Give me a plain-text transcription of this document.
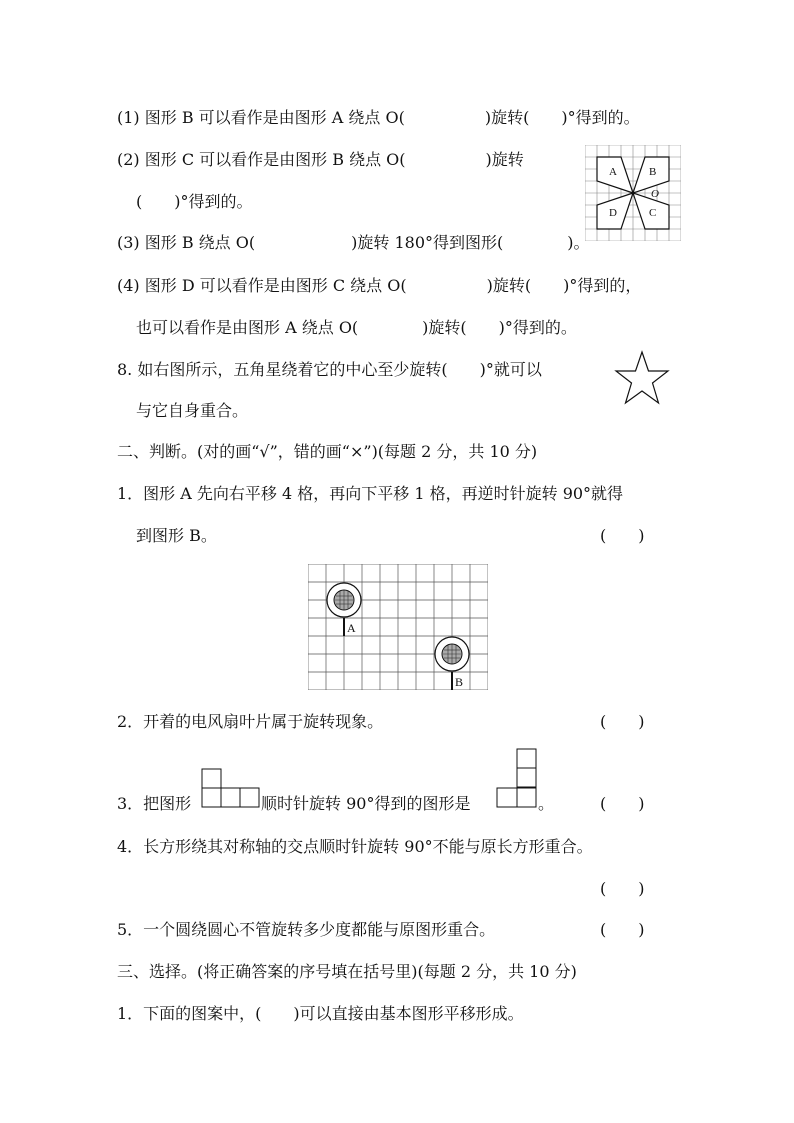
(1) 图形 B 可以看作是由图形 A 绕点 O(　　　　　)旋转(　　)°得到的。
(2) 图形 C 可以看作是由图形 B 绕点 O(　　　　　)旋转
(　　)°得到的。
(3) 图形 B 绕点 O(　　　　　　)旋转 180°得到图形(　　　　)。
(4) 图形 D 可以看作是由图形 C 绕点 O(　　　　　)旋转(　　)°得到的，
也可以看作是由图形 A 绕点 O(　　　　)旋转(　　)°得到的。
A	B
C
D
O
8. 如右图所示，五角星绕着它的中心至少旋转(　　)°就可以
与它自身重合。
二、判断。(对的画“√”，错的画“×”)(每题 2 分，共 10 分)
1．图形 A 先向右平移 4 格，再向下平移 1 格，再逆时针旋转 90°就得
到图形 B。	(　　)
A
B
2．开着的电风扇叶片属于旋转现象。	(　　)
3．把图形	顺时针旋转 90°得到的图形是	。	(　　)
4．长方形绕其对称轴的交点顺时针旋转 90°不能与原长方形重合。
(　　)
5．一个圆绕圆心不管旋转多少度都能与原图形重合。	(　　)
三、选择。(将正确答案的序号填在括号里)(每题 2 分，共 10 分)
1．下面的图案中，(　　)可以直接由基本图形平移形成。
